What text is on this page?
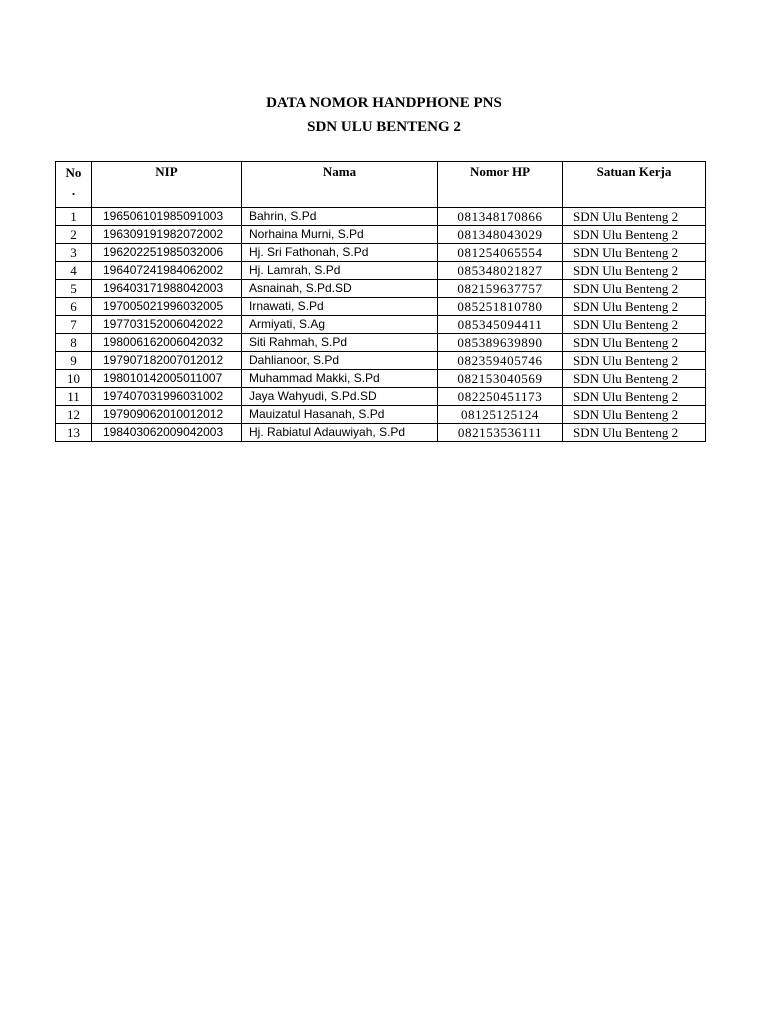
DATA NOMOR HANDPHONE PNS
SDN ULU BENTENG 2
No
.	NIP	Nama	Nomor HP	Satuan Kerja
1	196506101985091003	Bahrin, S.Pd	081348170866	SDN Ulu Benteng 2
2	196309191982072002	Norhaina Murni, S.Pd	081348043029	SDN Ulu Benteng 2
3	196202251985032006	Hj. Sri Fathonah, S.Pd	081254065554	SDN Ulu Benteng 2
4	196407241984062002	Hj. Lamrah, S.Pd	085348021827	SDN Ulu Benteng 2
5	196403171988042003	Asnainah, S.Pd.SD	082159637757	SDN Ulu Benteng 2
6	197005021996032005	Irnawati, S.Pd	085251810780	SDN Ulu Benteng 2
7	197703152006042022	Armiyati, S.Ag	085345094411	SDN Ulu Benteng 2
8	198006162006042032	Siti Rahmah, S.Pd	085389639890	SDN Ulu Benteng 2
9	197907182007012012	Dahlianoor, S.Pd	082359405746	SDN Ulu Benteng 2
10	198010142005011007	Muhammad Makki, S.Pd	082153040569	SDN Ulu Benteng 2
11	197407031996031002	Jaya Wahyudi, S.Pd.SD	082250451173	SDN Ulu Benteng 2
12	197909062010012012	Mauizatul Hasanah, S.Pd	08125125124	SDN Ulu Benteng 2
13	198403062009042003	Hj. Rabiatul Adauwiyah, S.Pd	082153536111	SDN Ulu Benteng 2
